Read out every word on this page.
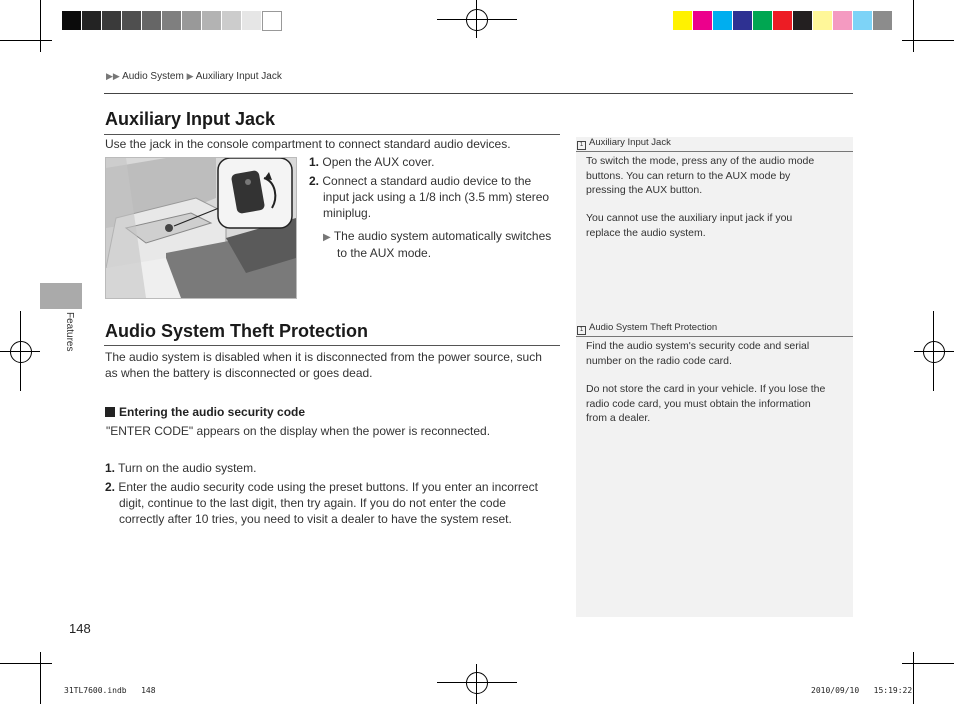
▶▶ Audio System ▶ Auxiliary Input Jack
Features
Auxiliary Input Jack
Use the jack in the console compartment to connect standard audio devices.
1. Open the AUX cover.
2. Connect a standard audio device to the
input jack using a 1/8 inch (3.5 mm) stereo
miniplug.
▶ The audio system automatically switches
to the AUX mode.
Audio System Theft Protection
The audio system is disabled when it is disconnected from the power source, such
as when the battery is disconnected or goes dead.
Entering the audio security code
"ENTER CODE" appears on the display when the power is reconnected.
1. Turn on the audio system.
2. Enter the audio security code using the preset buttons. If you enter an incorrect
digit, continue to the last digit, then try again. If you do not enter the code
correctly after 10 tries, you need to visit a dealer to have the system reset.
1 Auxiliary Input Jack
To switch the mode, press any of the audio mode
buttons. You can return to the AUX mode by
pressing the AUX button.
You cannot use the auxiliary input jack if you
replace the audio system.
1 Audio System Theft Protection
Find the audio system's security code and serial
number on the radio code card.
Do not store the card in your vehicle. If you lose the
radio code card, you must obtain the information
from a dealer.
148
31TL7600.indb 148	2010/09/10 15:19:22
